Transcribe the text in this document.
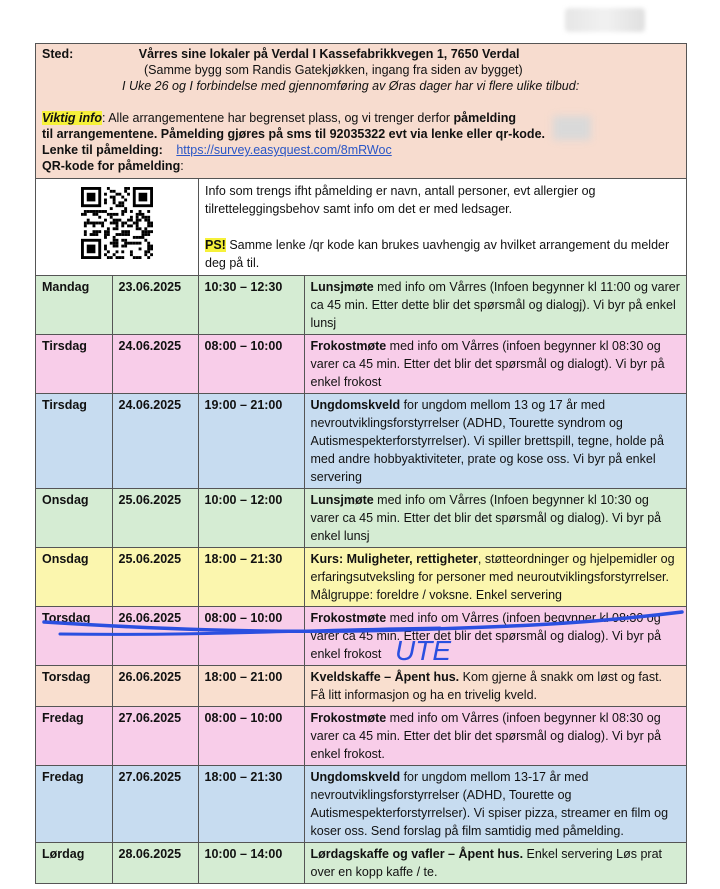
Sted:	Vårres sine lokaler på Verdal I Kassefabrikkvegen 1, 7650 Verdal
(Samme bygg som Randis Gatekjøkken, ingang fra siden av bygget)
I Uke 26 og I forbindelse med gjennomføring av Øras dager har vi flere ulike tilbud:
Viktig info: Alle arrangementene har begrenset plass, og vi trenger derfor påmelding
til arrangementene. Påmelding gjøres på sms til 92035322 evt via lenke eller qr-kode.
Lenke til påmelding: https://survey.easyquest.com/8mRWoc
QR-kode for påmelding:
Info som trengs ifht påmelding er navn, antall personer, evt allergier og tilretteleggingsbehov samt info om det er med ledsager.
PS! Samme lenke /qr kode kan brukes uavhengig av hvilket arrangement du melder deg på til.
Mandag	23.06.2025	10:30 – 12:30	Lunsjmøte med info om Vårres (Infoen begynner kl 11:00 og varer ca 45 min. Etter dette blir det spørsmål og dialogj). Vi byr på enkel lunsj
Tirsdag	24.06.2025	08:00 – 10:00	Frokostmøte med info om Vårres (infoen begynner kl 08:30 og varer ca 45 min. Etter det blir det spørsmål og dialogt). Vi byr på enkel frokost
Tirsdag	24.06.2025	19:00 – 21:00	Ungdomskveld for ungdom mellom 13 og 17 år med nevroutviklingsforstyrrelser (ADHD, Tourette syndrom og Autismespekterforstyrrelser). Vi spiller brettspill, tegne, holde på med andre hobbyaktiviteter, prate og kose oss. Vi byr på enkel servering
Onsdag	25.06.2025	10:00 – 12:00	Lunsjmøte med info om Vårres (Infoen begynner kl 10:30 og varer ca 45 min. Etter det blir det spørsmål og dialog). Vi byr på enkel lunsj
Onsdag	25.06.2025	18:00 – 21:30	Kurs: Muligheter, rettigheter, støtteordninger og hjelpemidler og erfaringsutveksling for personer med neuroutviklingsforstyrrelser. Målgruppe: foreldre / voksne. Enkel servering
Torsdag	26.06.2025	08:00 – 10:00	Frokostmøte med info om Vårres (infoen begynner kl 08:30 og varer ca 45 min. Etter det blir det spørsmål og dialog). Vi byr på enkel frokost
Torsdag	26.06.2025	18:00 – 21:00	Kveldskaffe – Åpent hus. Kom gjerne å snakk om løst og fast. Få litt informasjon og ha en trivelig kveld.
Fredag	27.06.2025	08:00 – 10:00	Frokostmøte med info om Vårres (infoen begynner kl 08:30 og varer ca 45 min. Etter det blir det spørsmål og dialog). Vi byr på enkel frokost.
Fredag	27.06.2025	18:00 – 21:30	Ungdomskveld for ungdom mellom 13-17 år med nevroutviklingsforstyrrelser (ADHD, Tourette og Autismespekterforstyrrelser). Vi spiser pizza, streamer en film og koser oss. Send forslag på film samtidig med påmelding.
Lørdag	28.06.2025	10:00 – 14:00	Lørdagskaffe og vafler – Åpent hus. Enkel servering Løs prat over en kopp kaffe / te.
UTE
